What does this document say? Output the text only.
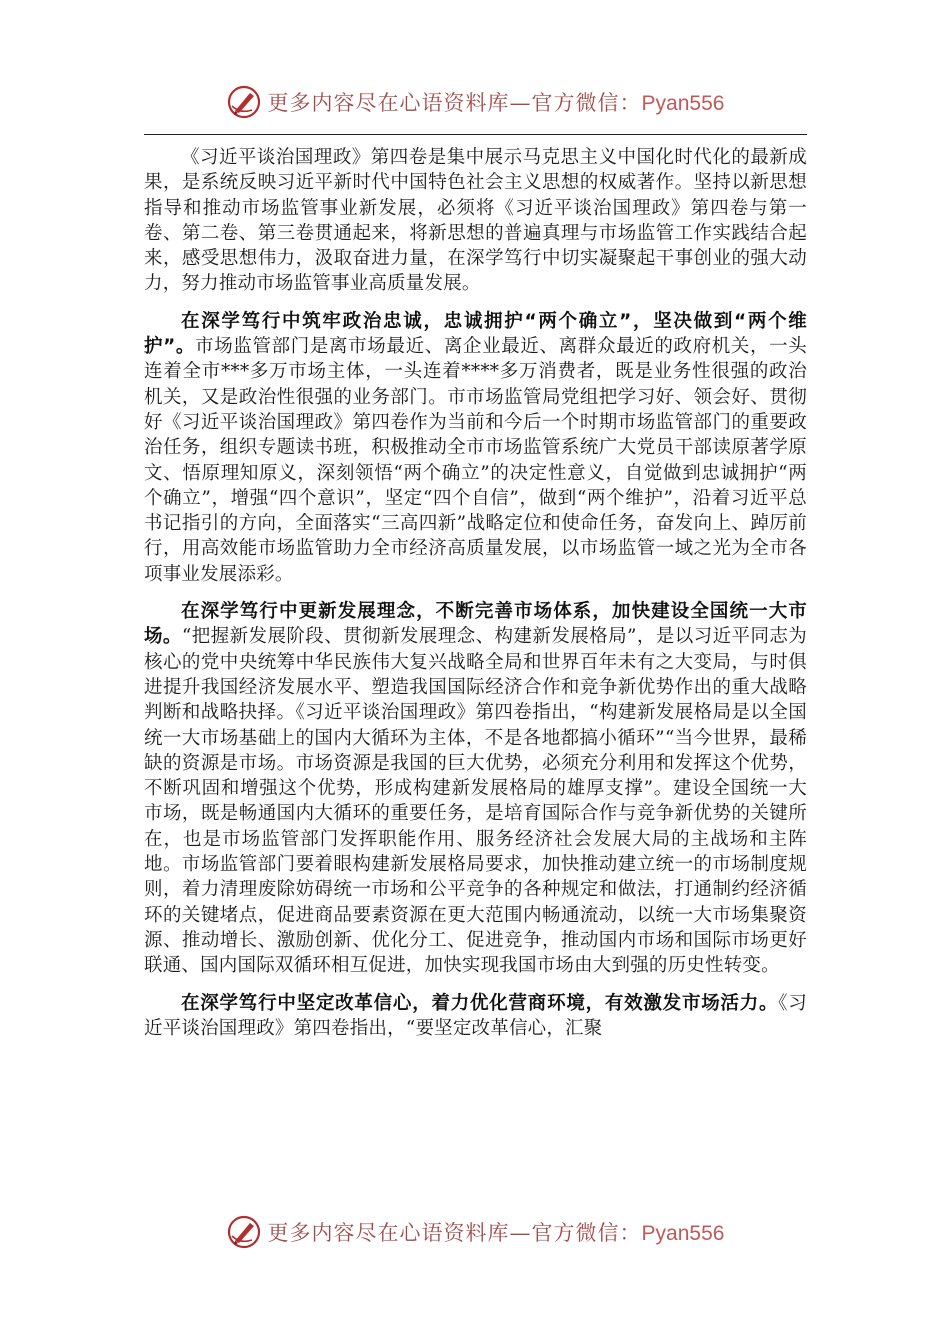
更多内容尽在心语资料库—官方微信：Pyan556

《习近平谈治国理政》第四卷是集中展示马克思主义中国化时代化的最新成果，是系统反映习近平新时代中国特色社会主义思想的权威著作。坚持以新思想指导和推动市场监管事业新发展，必须将《习近平谈治国理政》第四卷与第一卷、第二卷、第三卷贯通起来，将新思想的普遍真理与市场监管工作实践结合起来，感受思想伟力，汲取奋进力量，在深学笃行中切实凝聚起干事创业的强大动力，努力推动市场监管事业高质量发展。

在深学笃行中筑牢政治忠诚，忠诚拥护“两个确立”，坚决做到“两个维护”。市场监管部门是离市场最近、离企业最近、离群众最近的政府机关，一头连着全市***多万市场主体，一头连着****多万消费者，既是业务性很强的政治机关，又是政治性很强的业务部门。市市场监管局党组把学习好、领会好、贯彻好《习近平谈治国理政》第四卷作为当前和今后一个时期市场监管部门的重要政治任务，组织专题读书班，积极推动全市市场监管系统广大党员干部读原著学原文、悟原理知原义，深刻领悟“两个确立”的决定性意义，自觉做到忠诚拥护“两个确立”，增强“四个意识”，坚定“四个自信”，做到“两个维护”，沿着习近平总书记指引的方向，全面落实“三高四新”战略定位和使命任务，奋发向上、踔厉前行，用高效能市场监管助力全市经济高质量发展，以市场监管一域之光为全市各项事业发展添彩。

在深学笃行中更新发展理念，不断完善市场体系，加快建设全国统一大市场。“把握新发展阶段、贯彻新发展理念、构建新发展格局”，是以习近平同志为核心的党中央统筹中华民族伟大复兴战略全局和世界百年未有之大变局，与时俱进提升我国经济发展水平、塑造我国国际经济合作和竞争新优势作出的重大战略判断和战略抉择。《习近平谈治国理政》第四卷指出，“构建新发展格局是以全国统一大市场基础上的国内大循环为主体，不是各地都搞小循环”“当今世界，最稀缺的资源是市场。市场资源是我国的巨大优势，必须充分利用和发挥这个优势，不断巩固和增强这个优势，形成构建新发展格局的雄厚支撑”。建设全国统一大市场，既是畅通国内大循环的重要任务，是培育国际合作与竞争新优势的关键所在，也是市场监管部门发挥职能作用、服务经济社会发展大局的主战场和主阵地。市场监管部门要着眼构建新发展格局要求，加快推动建立统一的市场制度规则，着力清理废除妨碍统一市场和公平竞争的各种规定和做法，打通制约经济循环的关键堵点，促进商品要素资源在更大范围内畅通流动，以统一大市场集聚资源、推动增长、激励创新、优化分工、促进竞争，推动国内市场和国际市场更好联通、国内国际双循环相互促进，加快实现我国市场由大到强的历史性转变。

在深学笃行中坚定改革信心，着力优化营商环境，有效激发市场活力。《习近平谈治国理政》第四卷指出，“要坚定改革信心，汇聚

更多内容尽在心语资料库—官方微信：Pyan556
